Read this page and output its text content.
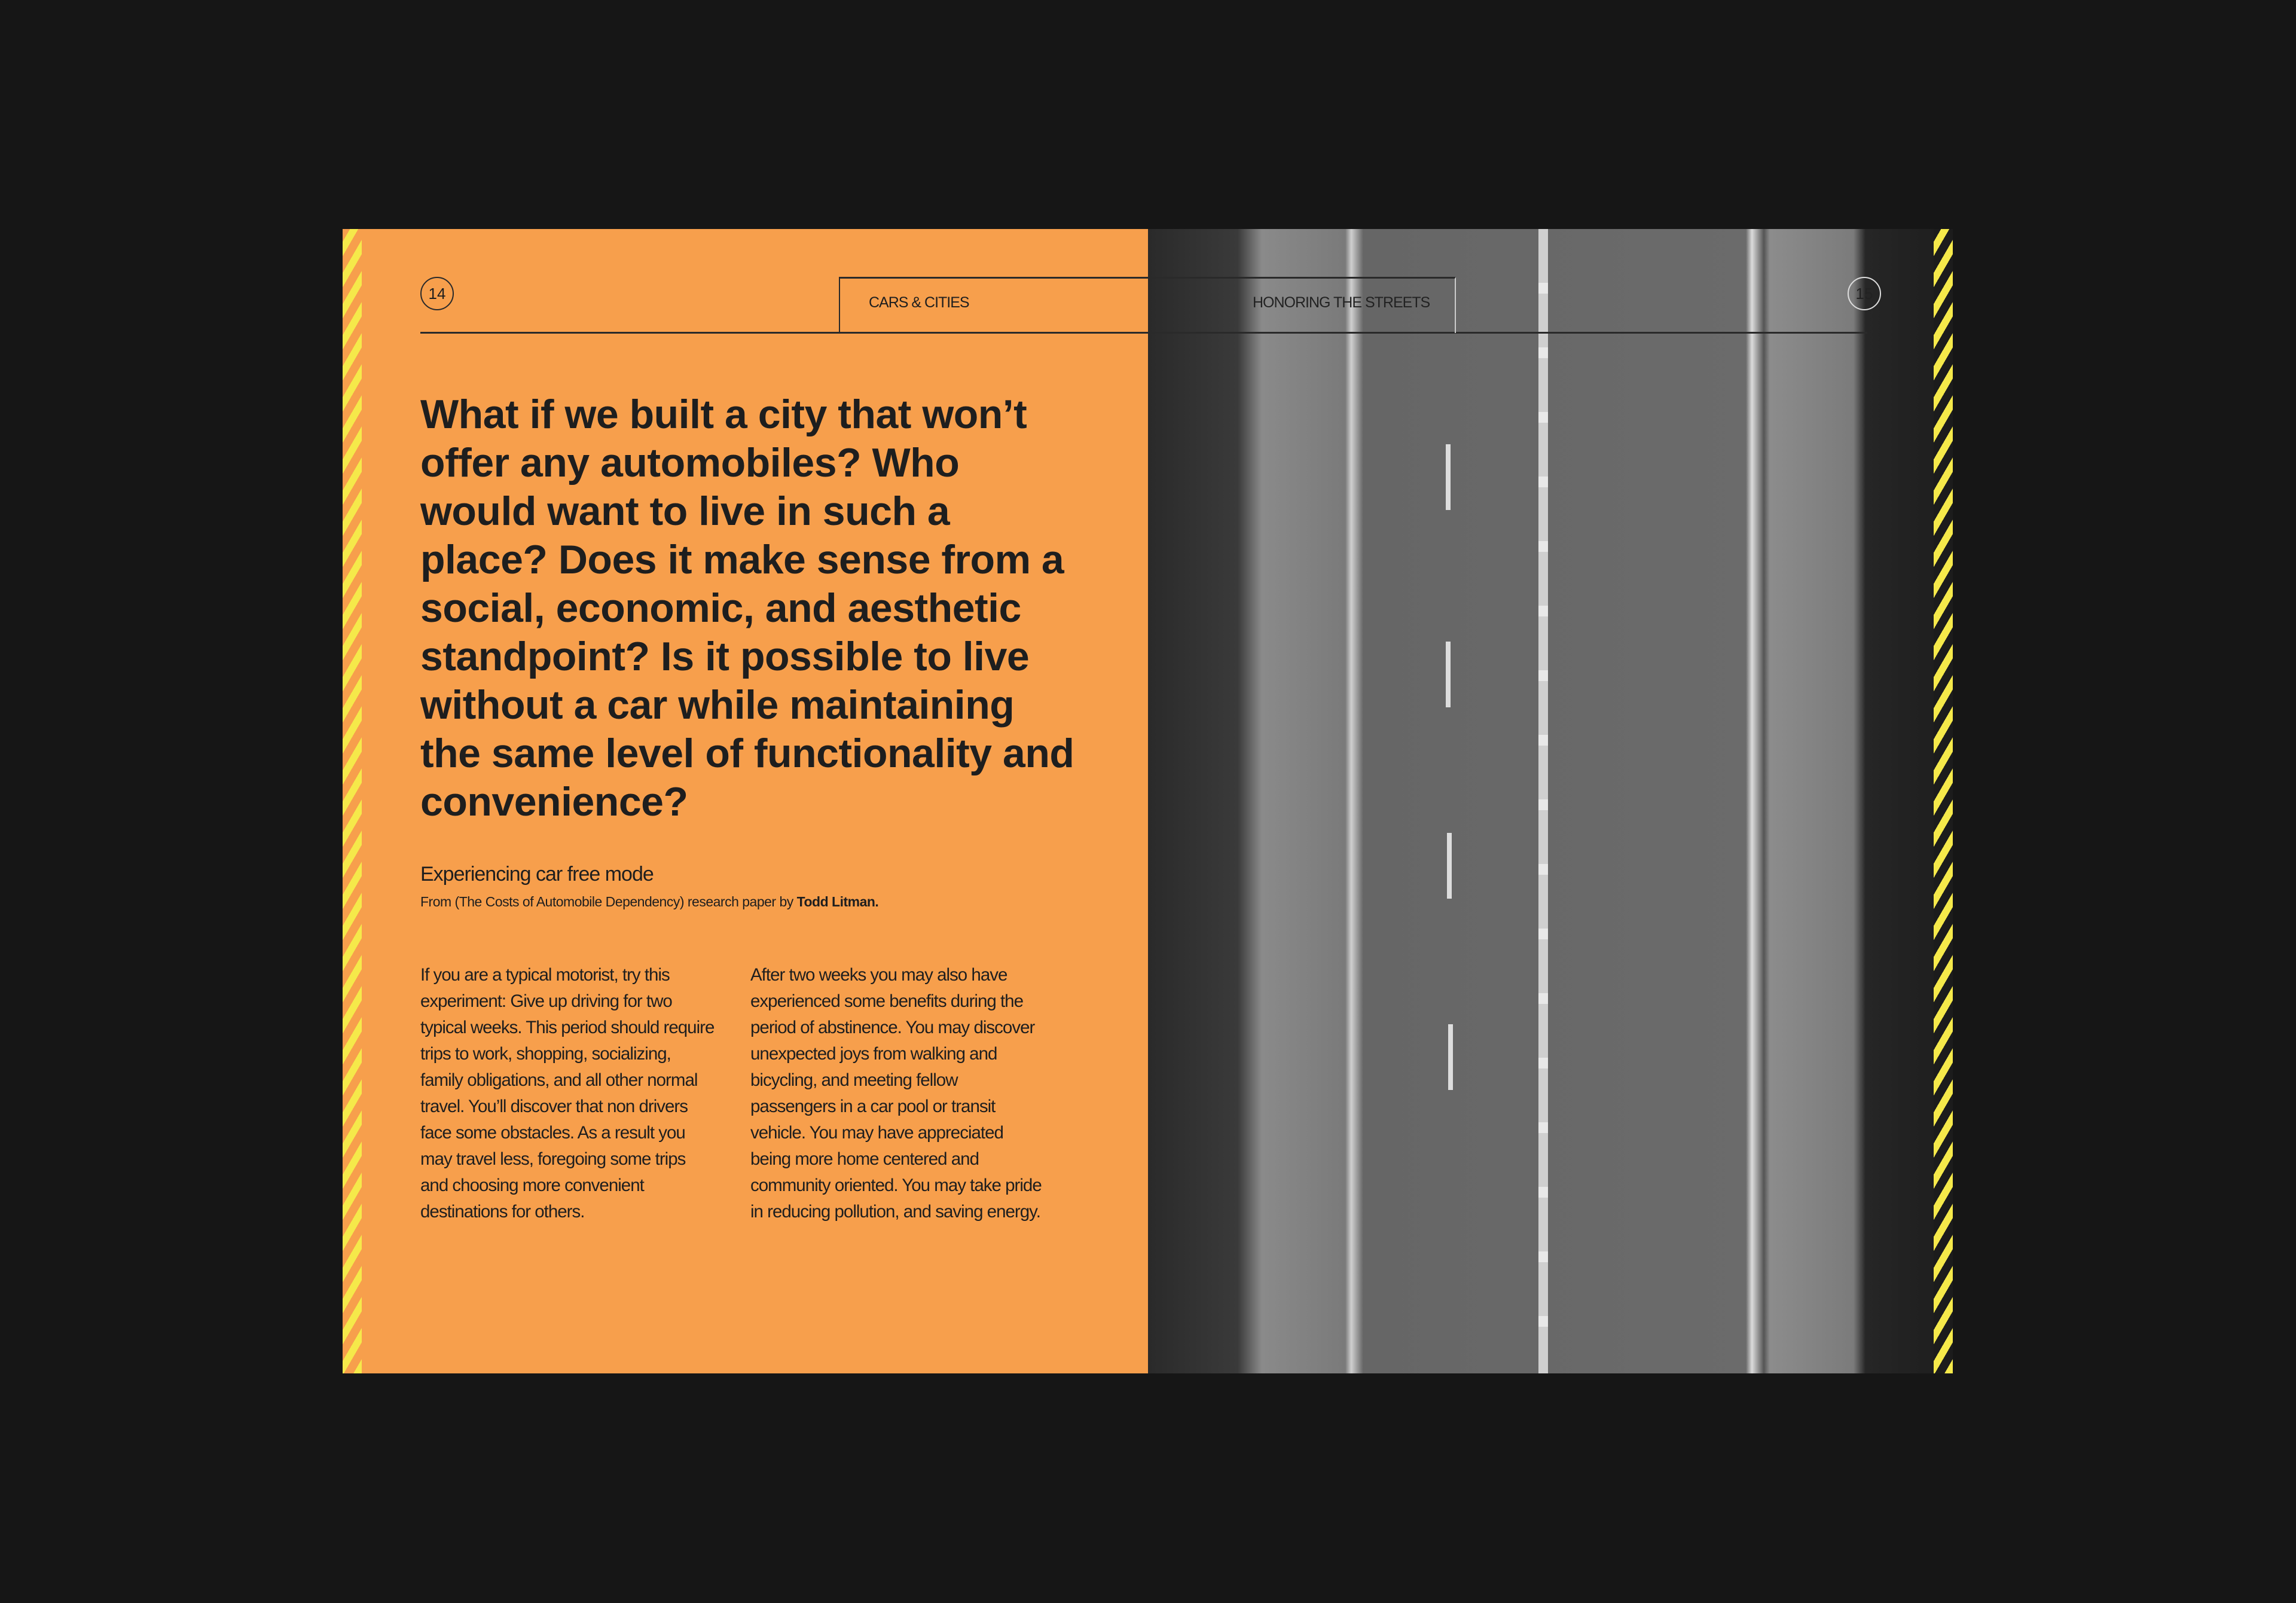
14
What if we built a city that won’t offer any automobiles? Who would want to live in such a place? Does it make sense from a social, economic, and aesthetic standpoint? Is it possible to live without a car while maintaining the same level of functionality and convenience?
Experiencing car free mode
From (The Costs of Automobile Dependency) research paper by Todd Litman.
If you are a typical motorist, try this experiment: Give up driving for two typical weeks. This period should require trips to work, shopping, socializing, family obligations, and all other normal travel. You’ll discover that non drivers face some obstacles. As a result you may travel less, foregoing some trips and choosing more convenient destinations for others.
After two weeks you may also have experienced some benefits during the period of abstinence. You may discover unexpected joys from walking and bicycling, and meeting fellow passengers in a car pool or transit vehicle. You may have appreciated being more home centered and community oriented. You may take pride in reducing pollution, and saving energy.
15
CARS & CITIES	HONORING THE STREETS
